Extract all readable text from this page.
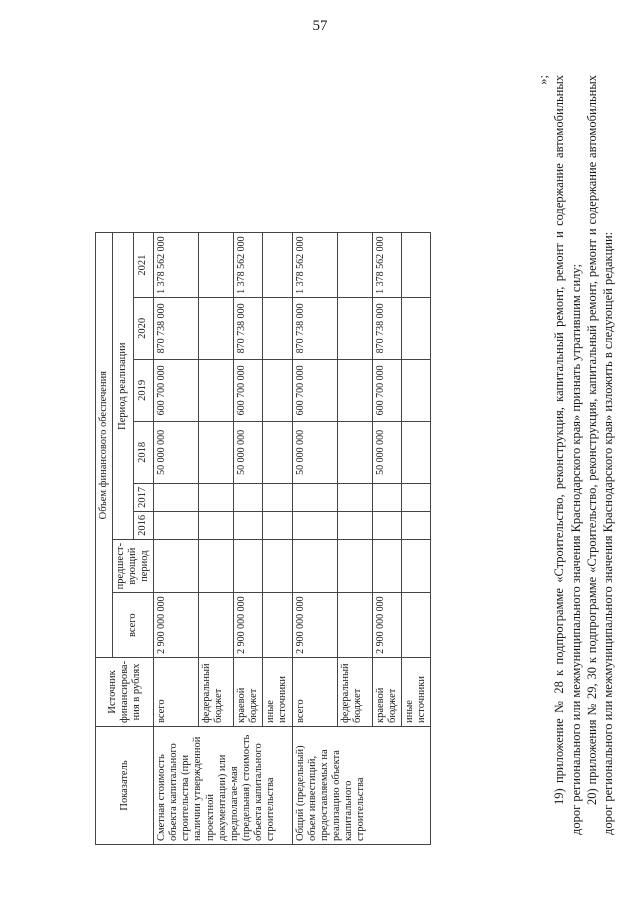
57
Показатель	Источник финансирова-ния в рублях	Объем финансового обеспечения							
		всего	предшест-вующий период	Период реализации					
				2016	2017	2018	2019	2020	2021
Сметная стоимость объекта капитального строительства (при наличии утвержденной проектной документации) или предполагае-мая (предельная) стоимость объекта капитального строительства	всего	2 900 000 000				50 000 000	600 700 000	870 738 000	1 378 562 000
	федеральный бюджет								
	краевой бюджет	2 900 000 000				50 000 000	600 700 000	870 738 000	1 378 562 000
	иные источники								
Общий (предельный) объем инвестиций, предоставляемых на реализацию объекта капитального строительства	всего	2 900 000 000				50 000 000	600 700 000	870 738 000	1 378 562 000
	федеральный бюджет								
	краевой бюджет	2 900 000 000				50 000 000	600 700 000	870 738 000	1 378 562 000
	иные источники								
»; 19) приложение № 28 к подпрограмме «Строительство, реконструкция, капитальный ремонт, ремонт и содержание автомобильных дорог регионального или межмуниципального значения Краснодарского края» признать утратившим силу; 20) приложения № 29, 30 к подпрограмме «Строительство, реконструкция, капитальный ремонт, ремонт и содержание автомобильных дорог регионального или межмуниципального значения Краснодарского края» изложить в следующей редакции:
